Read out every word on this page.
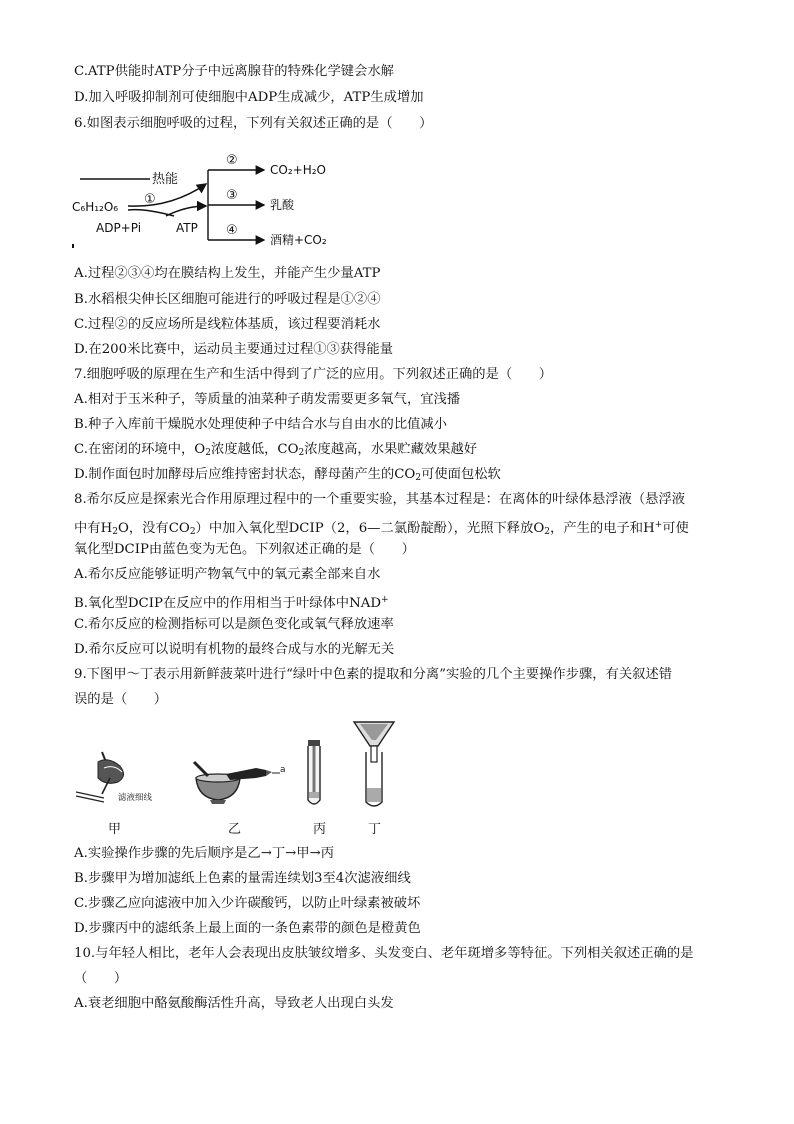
C.ATP供能时ATP分子中远离腺苷的特殊化学键会水解
D.加入呼吸抑制剂可使细胞中ADP生成减少，ATP生成增加
6.如图表示细胞呼吸的过程，下列有关叙述正确的是（　　）
热能
C₆H₁₂O₆ ①
ADP+Pi	ATP
②
③
④
CO₂+H₂O
乳酸
酒精+CO₂
A.过程②③④均在膜结构上发生，并能产生少量ATP
B.水稻根尖伸长区细胞可能进行的呼吸过程是①②④
C.过程②的反应场所是线粒体基质，该过程要消耗水
D.在200米比赛中，运动员主要通过过程①③获得能量
7.细胞呼吸的原理在生产和生活中得到了广泛的应用。下列叙述正确的是（　　）
A.相对于玉米种子，等质量的油菜种子萌发需要更多氧气，宜浅播
B.种子入库前干燥脱水处理使种子中结合水与自由水的比值减小
C.在密闭的环境中，$O_2$浓度越低，$CO_2$浓度越高，水果贮藏效果越好
D.制作面包时加酵母后应维持密封状态，酵母菌产生的$CO_2$可使面包松软
8.希尔反应是探索光合作用原理过程中的一个重要实验，其基本过程是：在离体的叶绿体悬浮液（悬浮液
中有$H_2O$，没有$CO_2$）中加入氧化型DCIP（2，6—二氯酚靛酚），光照下释放$O_2$，产生的电子和H+可使
氧化型DCIP由蓝色变为无色。下列叙述正确的是（　　）
A.希尔反应能够证明产物氧气中的氧元素全部来自水
B.氧化型DCIP在反应中的作用相当于叶绿体中NAD+
C.希尔反应的检测指标可以是颜色变化或氧气释放速率
D.希尔反应可以说明有机物的最终合成与水的光解无关
9.下图甲～丁表示用新鲜菠菜叶进行“绿叶中色素的提取和分离”实验的几个主要操作步骤，有关叙述错
误的是（　　）
滤液细线
a
甲	乙	丙	丁
A.实验操作步骤的先后顺序是乙→丁→甲→丙
B.步骤甲为增加滤纸上色素的量需连续划3至4次滤液细线
C.步骤乙应向滤液中加入少许碳酸钙，以防止叶绿素被破坏
D.步骤丙中的滤纸条上最上面的一条色素带的颜色是橙黄色
10.与年轻人相比，老年人会表现出皮肤皱纹增多、头发变白、老年斑增多等特征。下列相关叙述正确的是
（　　）
A.衰老细胞中酪氨酸酶活性升高，导致老人出现白头发
